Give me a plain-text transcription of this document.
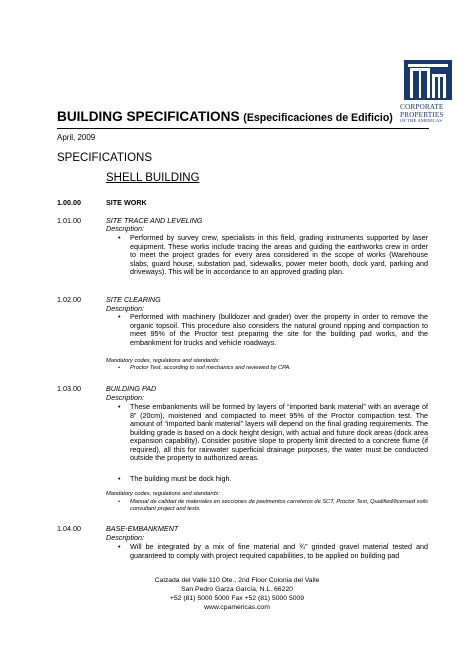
CORPORATE
PROPERTIES

OF THE AMERICAS
BUILDING SPECIFICATIONS (Especificaciones de Edificio)
April, 2009
SPECIFICATIONS
SHELL BUILDING
1.00.00	SITE WORK
1.01.00	SITE TRACE AND LEVELING
Description:
• Performed by survey crew, specialists in this field, grading instruments supported by laser equipment. These works include tracing the areas and guiding the earthworks crew in order to meet the project grades for every area considered in the scope of works (Warehouse slabs, guard house, substation pad, sidewalks, power meter booth, dock yard, parking and driveways). This will be in accordance to an approved grading plan.
1.02.00	SITE CLEARING
Description:
• Performed with machinery (bulldozer and grader) over the property in order to remove the organic topsoil. This procedure also considers the natural ground ripping and compaction to meet 95% of the Proctor test preparing the site for the building pad works, and the embankment for trucks and vehicle roadways.
Mandatory codes, regulations and standards:
• Proctor Test, according to soil mechanics and reviewed by CPA.
1.03.00	BUILDING PAD
Description:
• These embankments will be formed by layers of “imported bank material” with an average of 8” (20cm), moistened and compacted to meet 95% of the Proctor compaction test. The amount of “imported bank material” layers will depend on the final grading requirements. The building grade is based on a dock height design, with actual and future dock areas (dock area expansion capability). Consider positive slope to property limit directed to a concrete flume (if required), all this for rainwater superficial drainage purposes, the water must be conducted outside the property to authorized areas.
• The building must be dock high.
Mandatory codes, regulations and standards:
• Manual de calidad de materiales en secciones de pavimentos carreteros de SCT, Proctor Test, Qualified/licensed soils consultant project and tests.
1.04.00	BASE-EMBANKMENT
Description:
• Will be integrated by a mix of fine material and ¾” grinded gravel material tested and guaranteed to comply with project required capabilities, to be applied on building pad
Calzada del Valle 110 Ote., 2nd Floor Colonia del Valle
San Pedro Garza García, N.L. 66220
+52 (81) 5000 5000 Fax +52 (81) 5000 5009
www.cpamericas.com
